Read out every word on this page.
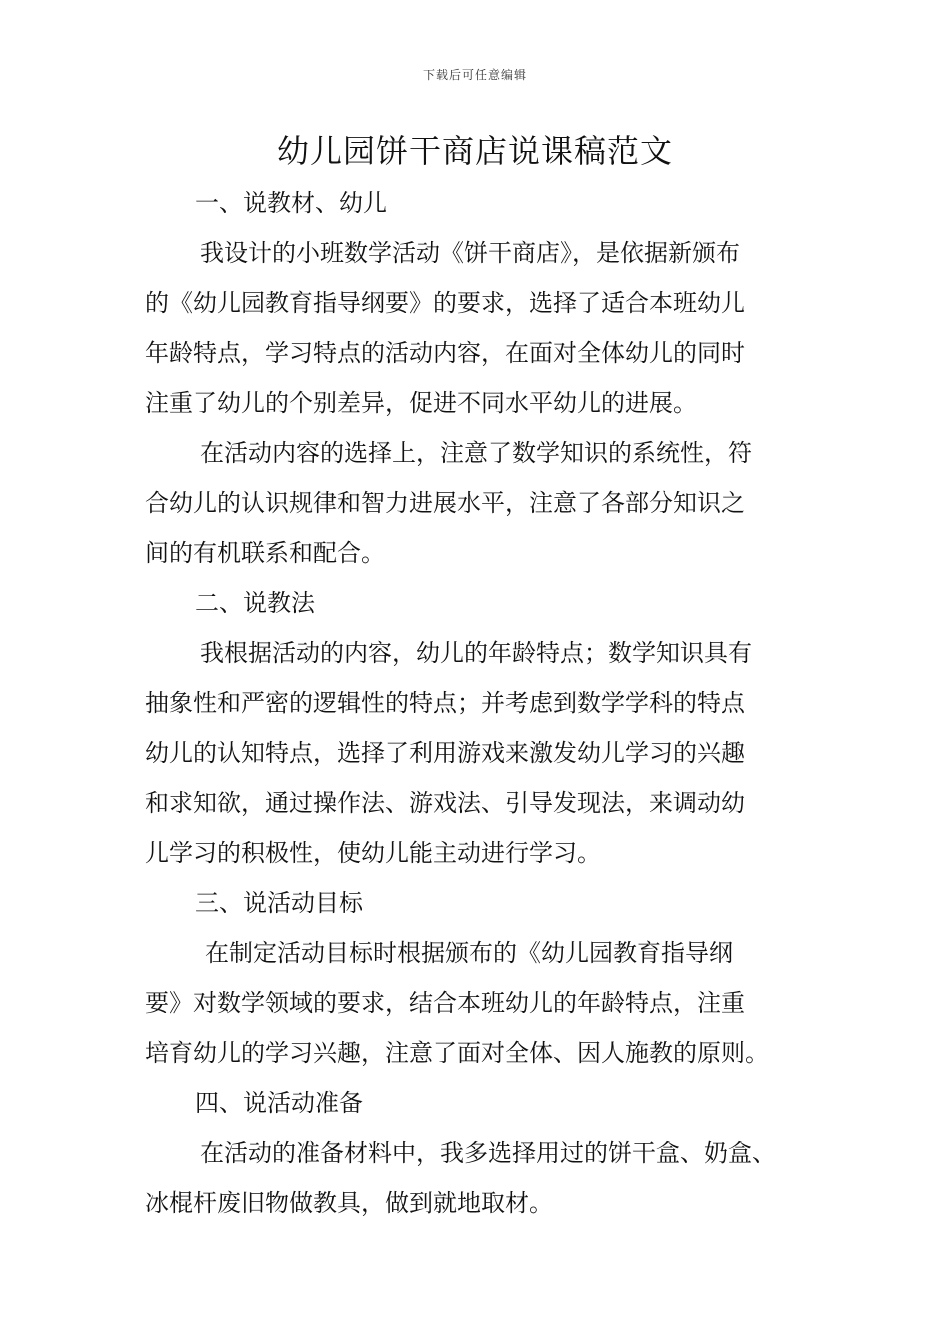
下载后可任意编辑
幼儿园饼干商店说课稿范文

一、说教材、幼儿

我设计的小班数学活动《饼干商店》，是依据新颁布
的《幼儿园教育指导纲要》的要求，选择了适合本班幼儿
年龄特点，学习特点的活动内容，在面对全体幼儿的同时
注重了幼儿的个别差异，促进不同水平幼儿的进展。

在活动内容的选择上，注意了数学知识的系统性，符
合幼儿的认识规律和智力进展水平，注意了各部分知识之
间的有机联系和配合。

二、说教法

我根据活动的内容，幼儿的年龄特点；数学知识具有
抽象性和严密的逻辑性的特点；并考虑到数学学科的特点
幼儿的认知特点，选择了利用游戏来激发幼儿学习的兴趣
和求知欲，通过操作法、游戏法、引导发现法，来调动幼
儿学习的积极性，使幼儿能主动进行学习。

三、说活动目标

在制定活动目标时根据颁布的《幼儿园教育指导纲
要》对数学领域的要求，结合本班幼儿的年龄特点，注重
培育幼儿的学习兴趣，注意了面对全体、因人施教的原则。

四、说活动准备

在活动的准备材料中，我多选择用过的饼干盒、奶盒、
冰棍杆废旧物做教具，做到就地取材。
